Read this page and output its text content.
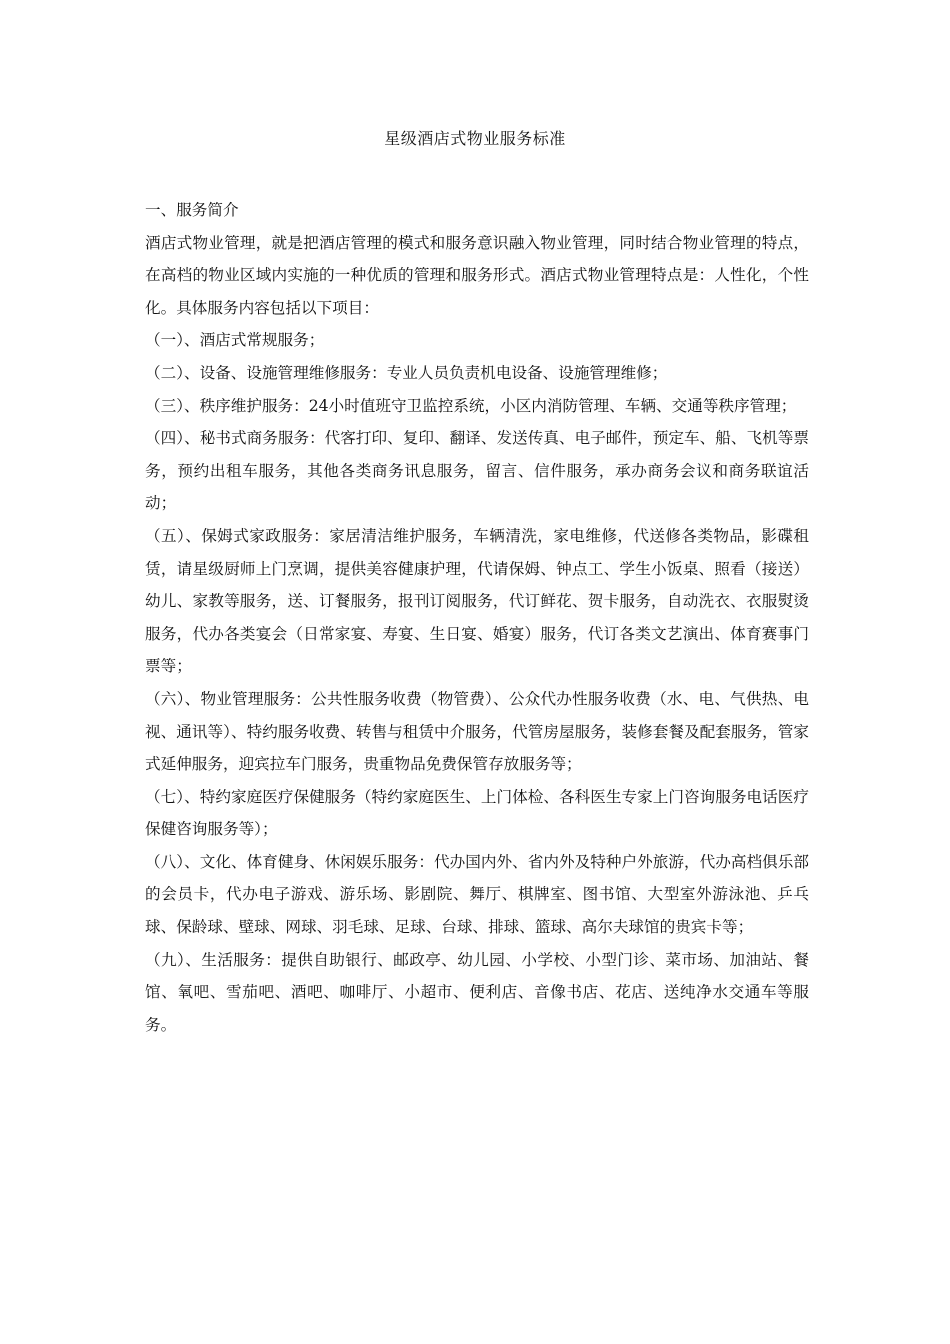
星级酒店式物业服务标准

一、服务简介

酒店式物业管理，就是把酒店管理的模式和服务意识融入物业管理，同时结合物业管理的特点，在高档的物业区域内实施的一种优质的管理和服务形式。酒店式物业管理特点是：人性化，个性化。具体服务内容包括以下项目：

（一）、酒店式常规服务；

（二）、设备、设施管理维修服务：专业人员负责机电设备、设施管理维修；

（三）、秩序维护服务：24小时值班守卫监控系统，小区内消防管理、车辆、交通等秩序管理；

（四）、秘书式商务服务：代客打印、复印、翻译、发送传真、电子邮件，预定车、船、飞机等票务，预约出租车服务，其他各类商务讯息服务，留言、信件服务，承办商务会议和商务联谊活动；

（五）、保姆式家政服务：家居清洁维护服务，车辆清洗，家电维修，代送修各类物品，影碟租赁，请星级厨师上门烹调，提供美容健康护理，代请保姆、钟点工、学生小饭桌、照看（接送）幼儿、家教等服务，送、订餐服务，报刊订阅服务，代订鲜花、贺卡服务，自动洗衣、衣服熨烫服务，代办各类宴会（日常家宴、寿宴、生日宴、婚宴）服务，代订各类文艺演出、体育赛事门票等；

（六）、物业管理服务：公共性服务收费（物管费）、公众代办性服务收费（水、电、气供热、电视、通讯等）、特约服务收费、转售与租赁中介服务，代管房屋服务，装修套餐及配套服务，管家式延伸服务，迎宾拉车门服务，贵重物品免费保管存放服务等；

（七）、特约家庭医疗保健服务（特约家庭医生、上门体检、各科医生专家上门咨询服务电话医疗保健咨询服务等）；

（八）、文化、体育健身、休闲娱乐服务：代办国内外、省内外及特种户外旅游，代办高档俱乐部的会员卡，代办电子游戏、游乐场、影剧院、舞厅、棋牌室、图书馆、大型室外游泳池、乒乓球、保龄球、壁球、网球、羽毛球、足球、台球、排球、篮球、高尔夫球馆的贵宾卡等；

（九）、生活服务：提供自助银行、邮政亭、幼儿园、小学校、小型门诊、菜市场、加油站、餐馆、氧吧、雪茄吧、酒吧、咖啡厅、小超市、便利店、音像书店、花店、送纯净水交通车等服务。
